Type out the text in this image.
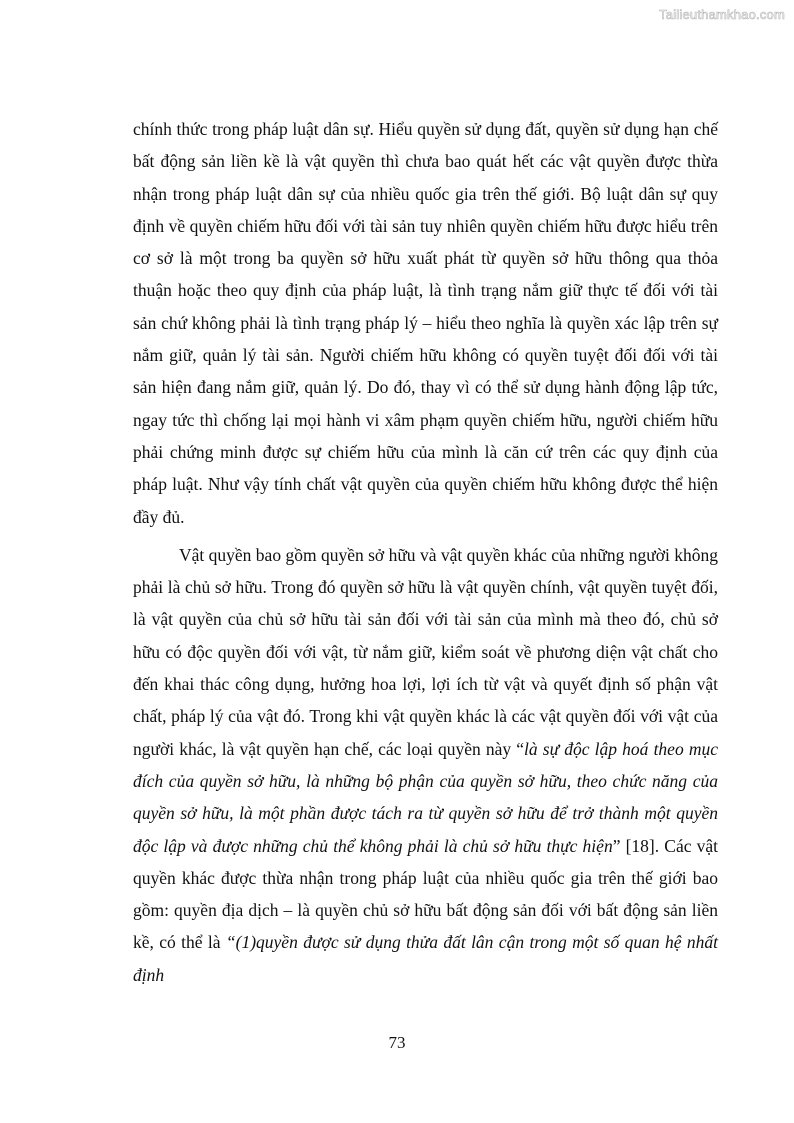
Tailieuthamkhao.com

chính thức trong pháp luật dân sự. Hiểu quyền sử dụng đất, quyền sử dụng hạn chế bất động sản liền kề là vật quyền thì chưa bao quát hết các vật quyền được thừa nhận trong pháp luật dân sự của nhiều quốc gia trên thế giới. Bộ luật dân sự quy định về quyền chiếm hữu đối với tài sản tuy nhiên quyền chiếm hữu được hiểu trên cơ sở là một trong ba quyền sở hữu xuất phát từ quyền sở hữu thông qua thỏa thuận hoặc theo quy định của pháp luật, là tình trạng nắm giữ thực tế đối với tài sản chứ không phải là tình trạng pháp lý – hiểu theo nghĩa là quyền xác lập trên sự nắm giữ, quản lý tài sản. Người chiếm hữu không có quyền tuyệt đối đối với tài sản hiện đang nắm giữ, quản lý. Do đó, thay vì có thể sử dụng hành động lập tức, ngay tức thì chống lại mọi hành vi xâm phạm quyền chiếm hữu, người chiếm hữu phải chứng minh được sự chiếm hữu của mình là căn cứ trên các quy định của pháp luật. Như vậy tính chất vật quyền của quyền chiếm hữu không được thể hiện đầy đủ.

Vật quyền bao gồm quyền sở hữu và vật quyền khác của những người không phải là chủ sở hữu. Trong đó quyền sở hữu là vật quyền chính, vật quyền tuyệt đối, là vật quyền của chủ sở hữu tài sản đối với tài sản của mình mà theo đó, chủ sở hữu có độc quyền đối với vật, từ nắm giữ, kiểm soát về phương diện vật chất cho đến khai thác công dụng, hưởng hoa lợi, lợi ích từ vật và quyết định số phận vật chất, pháp lý của vật đó. Trong khi vật quyền khác là các vật quyền đối với vật của người khác, là vật quyền hạn chế, các loại quyền này “là sự độc lập hoá theo mục đích của quyền sở hữu, là những bộ phận của quyền sở hữu, theo chức năng của quyền sở hữu, là một phần được tách ra từ quyền sở hữu để trở thành một quyền độc lập và được những chủ thể không phải là chủ sở hữu thực hiện” [18]. Các vật quyền khác được thừa nhận trong pháp luật của nhiều quốc gia trên thế giới bao gồm: quyền địa dịch – là quyền chủ sở hữu bất động sản đối với bất động sản liền kề, có thể là “(1)quyền được sử dụng thửa đất lân cận trong một số quan hệ nhất định

73
